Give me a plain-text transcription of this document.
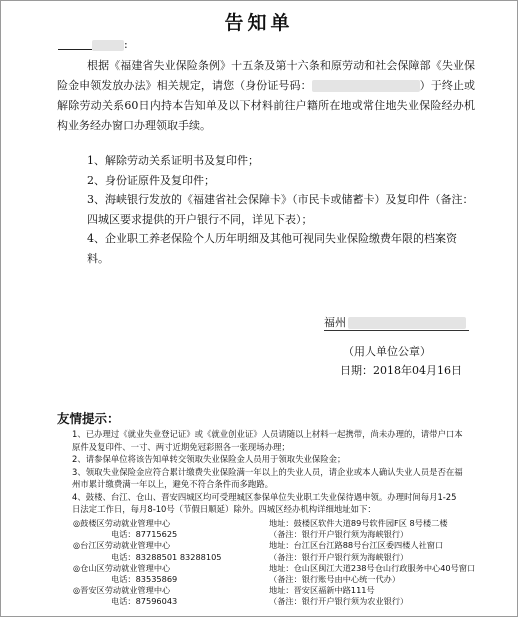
告知单
:
根据《福建省失业保险条例》十五条及第十六条和原劳动和社会保障部《失业保险金申领发放办法》相关规定，请您（身份证号码：	）于终止或解除劳动关系60日内持本告知单及以下材料前往户籍所在地或常住地失业保险经办机构业务经办窗口办理领取手续。
1、解除劳动关系证明书及复印件；
2、身份证原件及复印件；
3、海峡银行发放的《福建省社会保障卡》（市民卡或储蓄卡）及复印件（备注：四城区要求提供的开户银行不同，详见下表）；
4、企业职工养老保险个人历年明细及其他可视同失业保险缴费年限的档案资料。
福州
（用人单位公章）
日期：2018年04月16日
友情提示：
1、已办理过《就业失业登记证》或《就业创业证》人员请随以上材料一起携带，尚未办理的，请带户口本原件及复印件、一寸、两寸近期免冠彩照各一张现场办理；
2、请参保单位将该告知单转交领取失业保险金人员用于领取失业保险金；
3、领取失业保险金应符合累计缴费失业保险满一年以上的失业人员，请企业或本人确认失业人员是否在福州市累计缴费满一年以上，避免不符合条件而多跑路。
4、鼓楼、台江、仓山、晋安四城区均可受理城区参保单位失业职工失业保待遇申领。办理时间每月1-25日法定工作日，每月8-10号（节假日顺延）除外。四城区经办机构详细地址如下：
◎鼓楼区劳动就业管理中心	地址：鼓楼区软件大道89号软件园F区 8号楼二楼
电话：87715625	（备注：银行开户银行须为海峡银行）
◎台江区劳动就业管理中心	地址：台江区台江路88号台江区委四楼人社窗口
电话：83288501 83288105	（备注：银行开户银行须为海峡银行）
◎仓山区劳动就业管理中心	地址：仓山区闽江大道238号仓山行政服务中心40号窗口
电话：83535869	（备注：银行账号由中心统一代办）
◎晋安区劳动就业管理中心	地址：晋安区福新中路111号
电话：87596043	（备注：银行开户银行须为农业银行）
